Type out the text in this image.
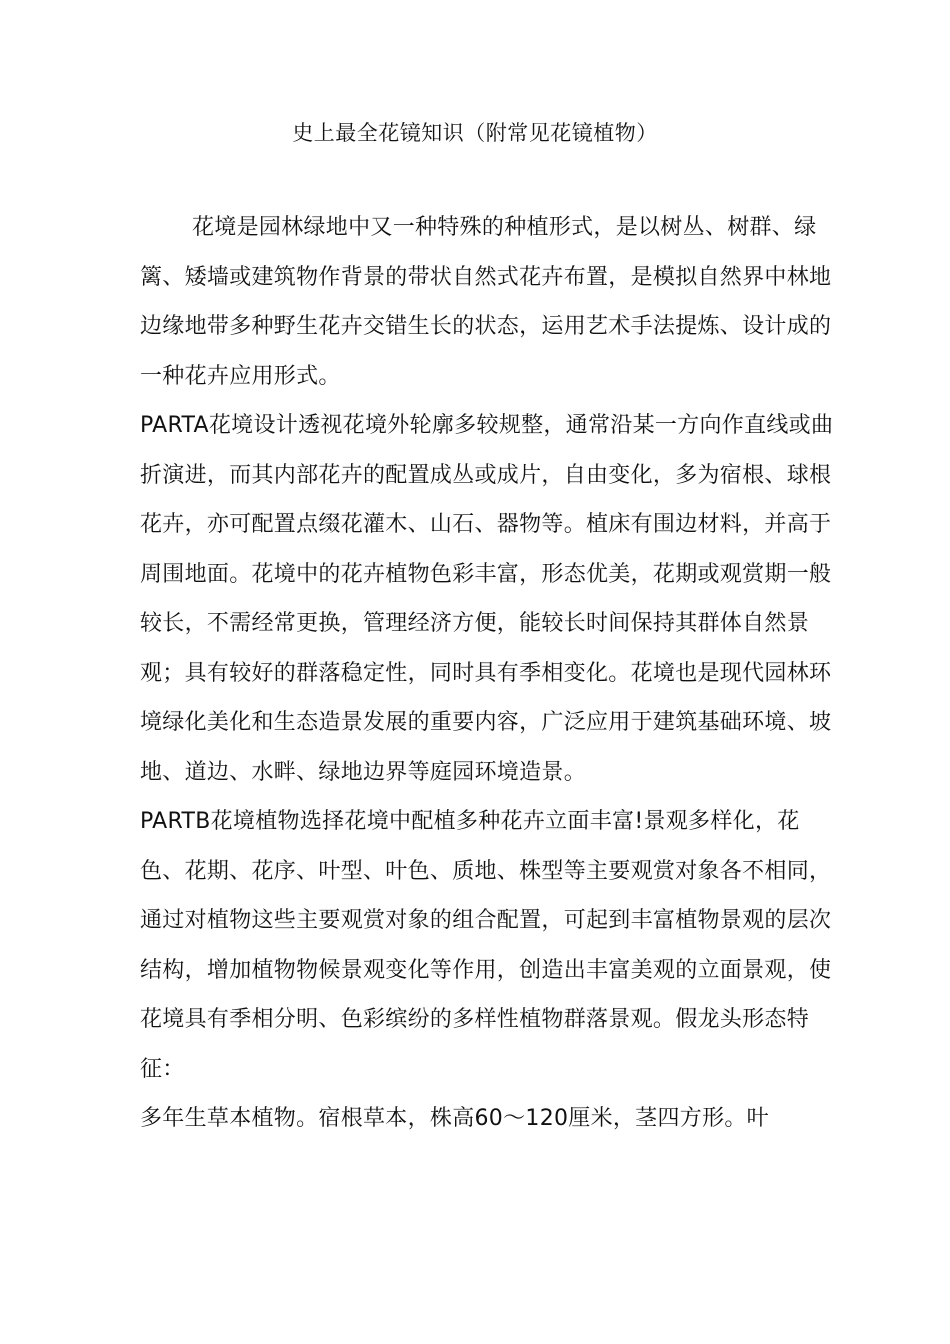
史上最全花镜知识（附常见花镜植物）

花境是园林绿地中又一种特殊的种植形式，是以树丛、树群、绿篱、矮墙或建筑物作背景的带状自然式花卉布置，是模拟自然界中林地边缘地带多种野生花卉交错生长的状态，运用艺术手法提炼、设计成的一种花卉应用形式。

PARTA花境设计透视花境外轮廓多较规整，通常沿某一方向作直线或曲折演进，而其内部花卉的配置成丛或成片，自由变化，多为宿根、球根花卉，亦可配置点缀花灌木、山石、器物等。植床有围边材料，并高于周围地面。花境中的花卉植物色彩丰富，形态优美，花期或观赏期一般较长，不需经常更换，管理经济方便，能较长时间保持其群体自然景观；具有较好的群落稳定性，同时具有季相变化。花境也是现代园林环境绿化美化和生态造景发展的重要内容，广泛应用于建筑基础环境、坡地、道边、水畔、绿地边界等庭园环境造景。

PARTB花境植物选择花境中配植多种花卉立面丰富!景观多样化，花色、花期、花序、叶型、叶色、质地、株型等主要观赏对象各不相同，通过对植物这些主要观赏对象的组合配置，可起到丰富植物景观的层次结构，增加植物物候景观变化等作用，创造出丰富美观的立面景观，使花境具有季相分明、色彩缤纷的多样性植物群落景观。假龙头形态特征：

多年生草本植物。宿根草本，株高60〜120厘米，茎四方形。叶
